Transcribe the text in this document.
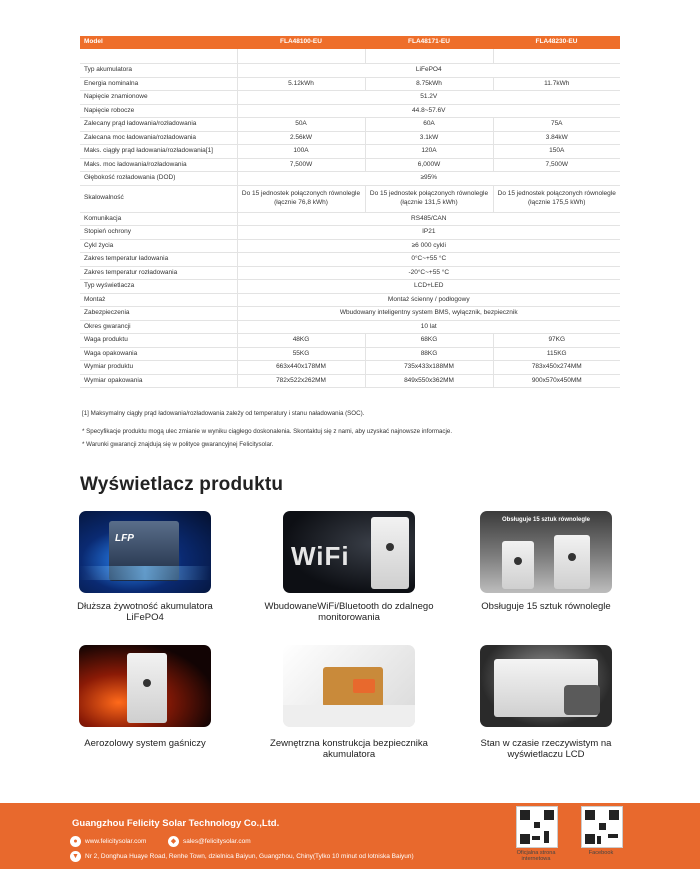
Model	FLA48100-EU	FLA48171-EU	FLA48230-EU

Typ akumulatora	LiFePO4		
Energia nominalna	5.12kWh	8.75kWh	11.7kWh
Napięcie znamionowe	51.2V		
Napięcie robocze	44.8~57.6V		
Zalecany prąd ładowania/rozładowania	50A	60A	75A
Zalecana moc ładowania/rozładowania	2.56kW	3.1kW	3.84kW
Maks. ciągły prąd ładowania/rozładowania[1]	100A	120A	150A
Maks. moc ładowania/rozładowania	7,500W	6,000W	7,500W
Głębokość rozładowania (DOD)	≥95%		
Skalowalność	Do 15 jednostek połączonych równolegle (łącznie 76,8 kWh)	Do 15 jednostek połączonych równolegle (łącznie 131,5 kWh)	Do 15 jednostek połączonych równolegle (łącznie 175,5 kWh)
Komunikacja	RS485/CAN		
Stopień ochrony	IP21		
Cykl życia	≥6 000 cykli		
Zakres temperatur ładowania	0°C~+55 °C		
Zakres temperatur rozładowania	-20°C~+55 °C		
Typ wyświetlacza	LCD+LED		
Montaż	Montaż ścienny / podłogowy		
Zabezpieczenia	Wbudowany inteligentny system BMS, wyłącznik, bezpiecznik		
Okres gwarancji	10 lat		
Waga produktu	48KG	68KG	97KG
Waga opakowania	55KG	88KG	115KG
Wymiar produktu	663x440x178MM	735x433x188MM	783x450x274MM
Wymiar opakowania	782x522x262MM	849x550x362MM	900x570x450MM
[1] Maksymalny ciągły prąd ładowania/rozładowania zależy od temperatury i stanu naładowania (SOC).
* Specyfikacje produktu mogą ulec zmianie w wyniku ciągłego doskonalenia. Skontaktuj się z nami, aby uzyskać najnowsze informacje.
* Warunki gwarancji znajdują się w polityce gwarancyjnej Felicitysolar.
Wyświetlacz produktu
LFP
Dłuższa żywotność akumulatora LiFePO4
WiFi
WbudowaneWiFi/Bluetooth do zdalnego monitorowania
Obsługuje 15 sztuk równolegle
Obsługuje 15 sztuk równolegle
Aerozolowy system gaśniczy	Zewnętrzna konstrukcja bezpiecznika akumulatora
Stan w czasie rzeczywistym na wyświetlaczu LCD
Guangzhou Felicity Solar Technology Co.,Ltd.
●	www.felicitysolar.com	◆	sales@felicitysolar.com
▼ Nr 2, Donghua Huaye Road, Renhe Town, dzielnica Baiyun, Guangzhou, Chiny(Tylko 10 minut od lotniska Baiyun)	Oficjalna strona internetowa
Facebook
